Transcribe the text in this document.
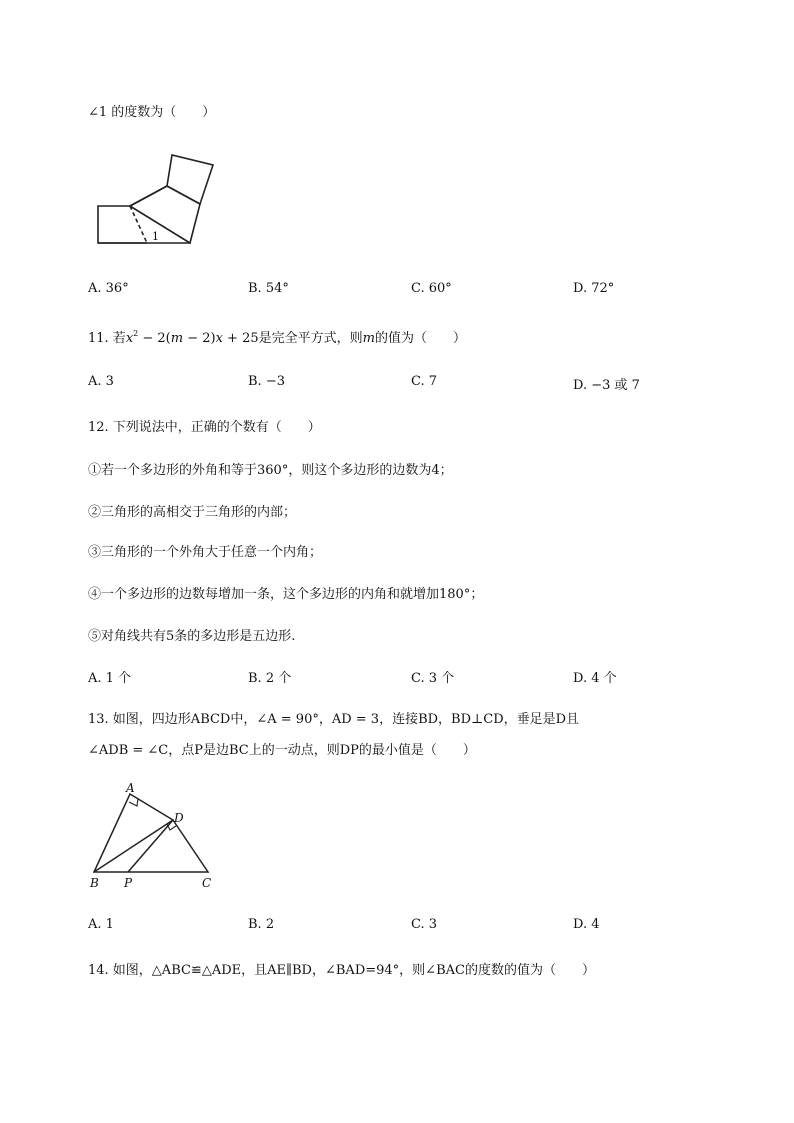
∠1 的度数为（　　）
1
A. 36°	B. 54°	C. 60°	D. 72°
11. 若$x^2 - 2(m - 2)x + 25$是完全平方式，则m的值为（　　）
A. 3	B. −3	C. 7	D. −3 或 7
12. 下列说法中，正确的个数有（　　）
①若一个多边形的外角和等于360°，则这个多边形的边数为4；
②三角形的高相交于三角形的内部；
③三角形的一个外角大于任意一个内角；
④一个多边形的边数每增加一条，这个多边形的内角和就增加180°；
⑤对角线共有5条的多边形是五边形.
A. 1 个	B. 2 个	C. 3 个	D. 4 个
13. 如图，四边形ABCD中，∠A = 90°，AD = 3，连接BD，BD⊥CD，垂足是D且
∠ADB = ∠C，点P是边BC上的一动点，则DP的最小值是（　　）
A
D
B P	C
A. 1	B. 2	C. 3	D. 4
14. 如图，△ABC≌△ADE，且AE∥BD，∠BAD=94°，则∠BAC的度数的值为（　　）
